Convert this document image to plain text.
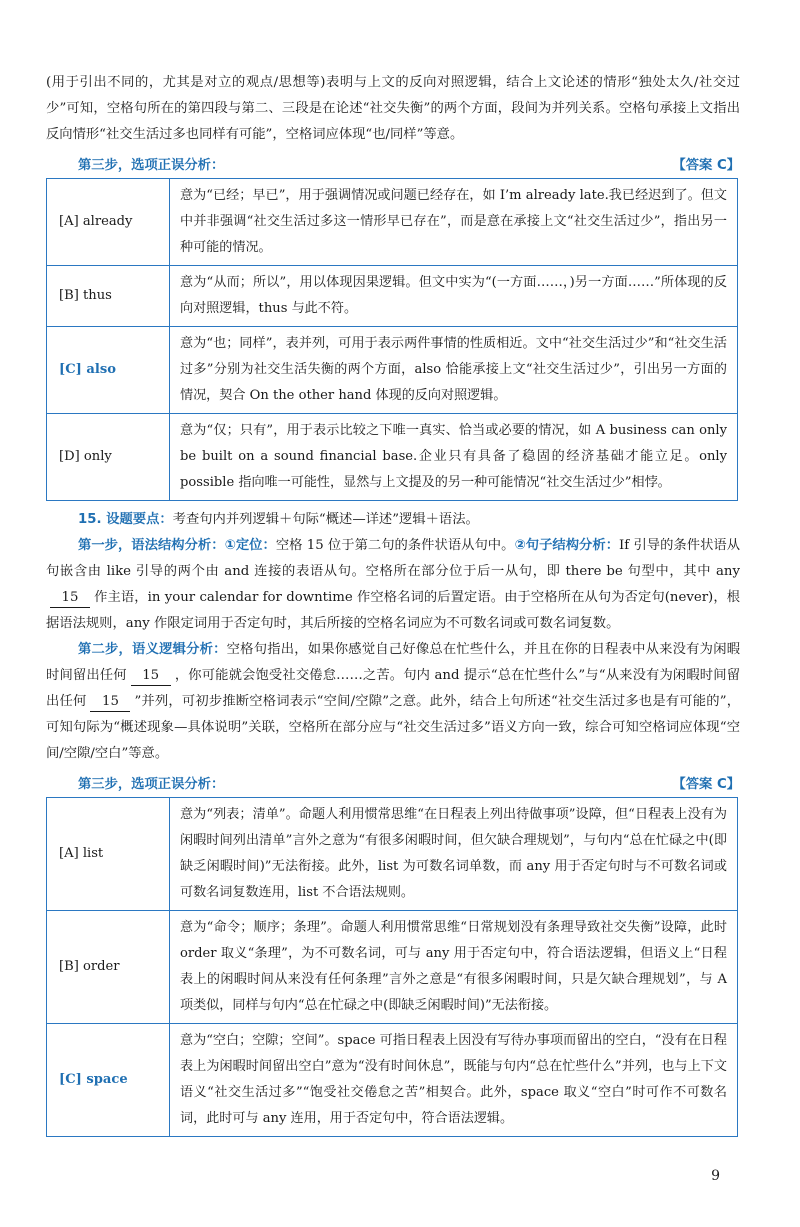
(用于引出不同的，尤其是对立的观点/思想等)表明与上文的反向对照逻辑，结合上文论述的情形“独处太久/社交过少”可知，空格句所在的第四段与第二、三段是在论述“社交失衡”的两个方面，段间为并列关系。空格句承接上文指出反向情形“社交生活过多也同样有可能”，空格词应体现“也/同样”等意。

第三步，选项正误分析：	【答案 C】
[A] already	意为“已经；早已”，用于强调情况或问题已经存在，如 I’m already late.我已经迟到了。但文中并非强调“社交生活过多这一情形早已存在”，而是意在承接上文“社交生活过少”，指出另一种可能的情况。
[B] thus	意为“从而；所以”，用以体现因果逻辑。但文中实为“(一方面……，)另一方面……”所体现的反向对照逻辑，thus 与此不符。
[C] also	意为“也；同样”，表并列，可用于表示两件事情的性质相近。文中“社交生活过少”和“社交生活过多”分别为社交生活失衡的两个方面，also 恰能承接上文“社交生活过少”，引出另一方面的情况，契合 On the other hand 体现的反向对照逻辑。
[D] only	意为“仅；只有”，用于表示比较之下唯一真实、恰当或必要的情况，如 A business can only be built on a sound financial base.企业只有具备了稳固的经济基础才能立足。only possible 指向唯一可能性，显然与上文提及的另一种可能情况“社交生活过少”相悖。

15. 设题要点：考查句内并列逻辑＋句际“概述—详述”逻辑＋语法。

第一步，语法结构分析：①定位：空格 15 位于第二句的条件状语从句中。②句子结构分析：If 引导的条件状语从句嵌含由 like 引导的两个由 and 连接的表语从句。空格所在部分位于后一从句，即 there be 句型中，其中 any15 作主语，in your calendar for downtime 作空格名词的后置定语。由于空格所在从句为否定句(never)，根据语法规则，any 作限定词用于否定句时，其后所接的空格名词应为不可数名词或可数名词复数。

第二步，语义逻辑分析：空格句指出，如果你感觉自己好像总在忙些什么，并且在你的日程表中从来没有为闲暇时间留出任何 15 ，你可能就会饱受社交倦怠……之苦。句内 and 提示“总在忙些什么”与“从来没有为闲暇时间留出任何 15 ”并列，可初步推断空格词表示“空间/空隙”之意。此外，结合上句所述“社交生活过多也是有可能的”，可知句际为“概述现象—具体说明”关联，空格所在部分应与“社交生活过多”语义方向一致，综合可知空格词应体现“空间/空隙/空白”等意。

第三步，选项正误分析：	【答案 C】
[A] list	意为“列表；清单”。命题人利用惯常思维“在日程表上列出待做事项”设障，但“日程表上没有为闲暇时间列出清单”言外之意为“有很多闲暇时间，但欠缺合理规划”，与句内“总在忙碌之中(即缺乏闲暇时间)”无法衔接。此外，list 为可数名词单数，而 any 用于否定句时与不可数名词或可数名词复数连用，list 不合语法规则。
[B] order	意为“命令；顺序；条理”。命题人利用惯常思维“日常规划没有条理导致社交失衡”设障，此时 order 取义“条理”，为不可数名词，可与 any 用于否定句中，符合语法逻辑，但语义上“日程表上的闲暇时间从来没有任何条理”言外之意是“有很多闲暇时间，只是欠缺合理规划”，与 A 项类似，同样与句内“总在忙碌之中(即缺乏闲暇时间)”无法衔接。
[C] space	意为“空白；空隙；空间”。space 可指日程表上因没有写待办事项而留出的空白，“没有在日程表上为闲暇时间留出空白”意为“没有时间休息”，既能与句内“总在忙些什么”并列，也与上下文语义“社交生活过多”“饱受社交倦怠之苦”相契合。此外，space 取义“空白”时可作不可数名词，此时可与 any 连用，用于否定句中，符合语法逻辑。
9
